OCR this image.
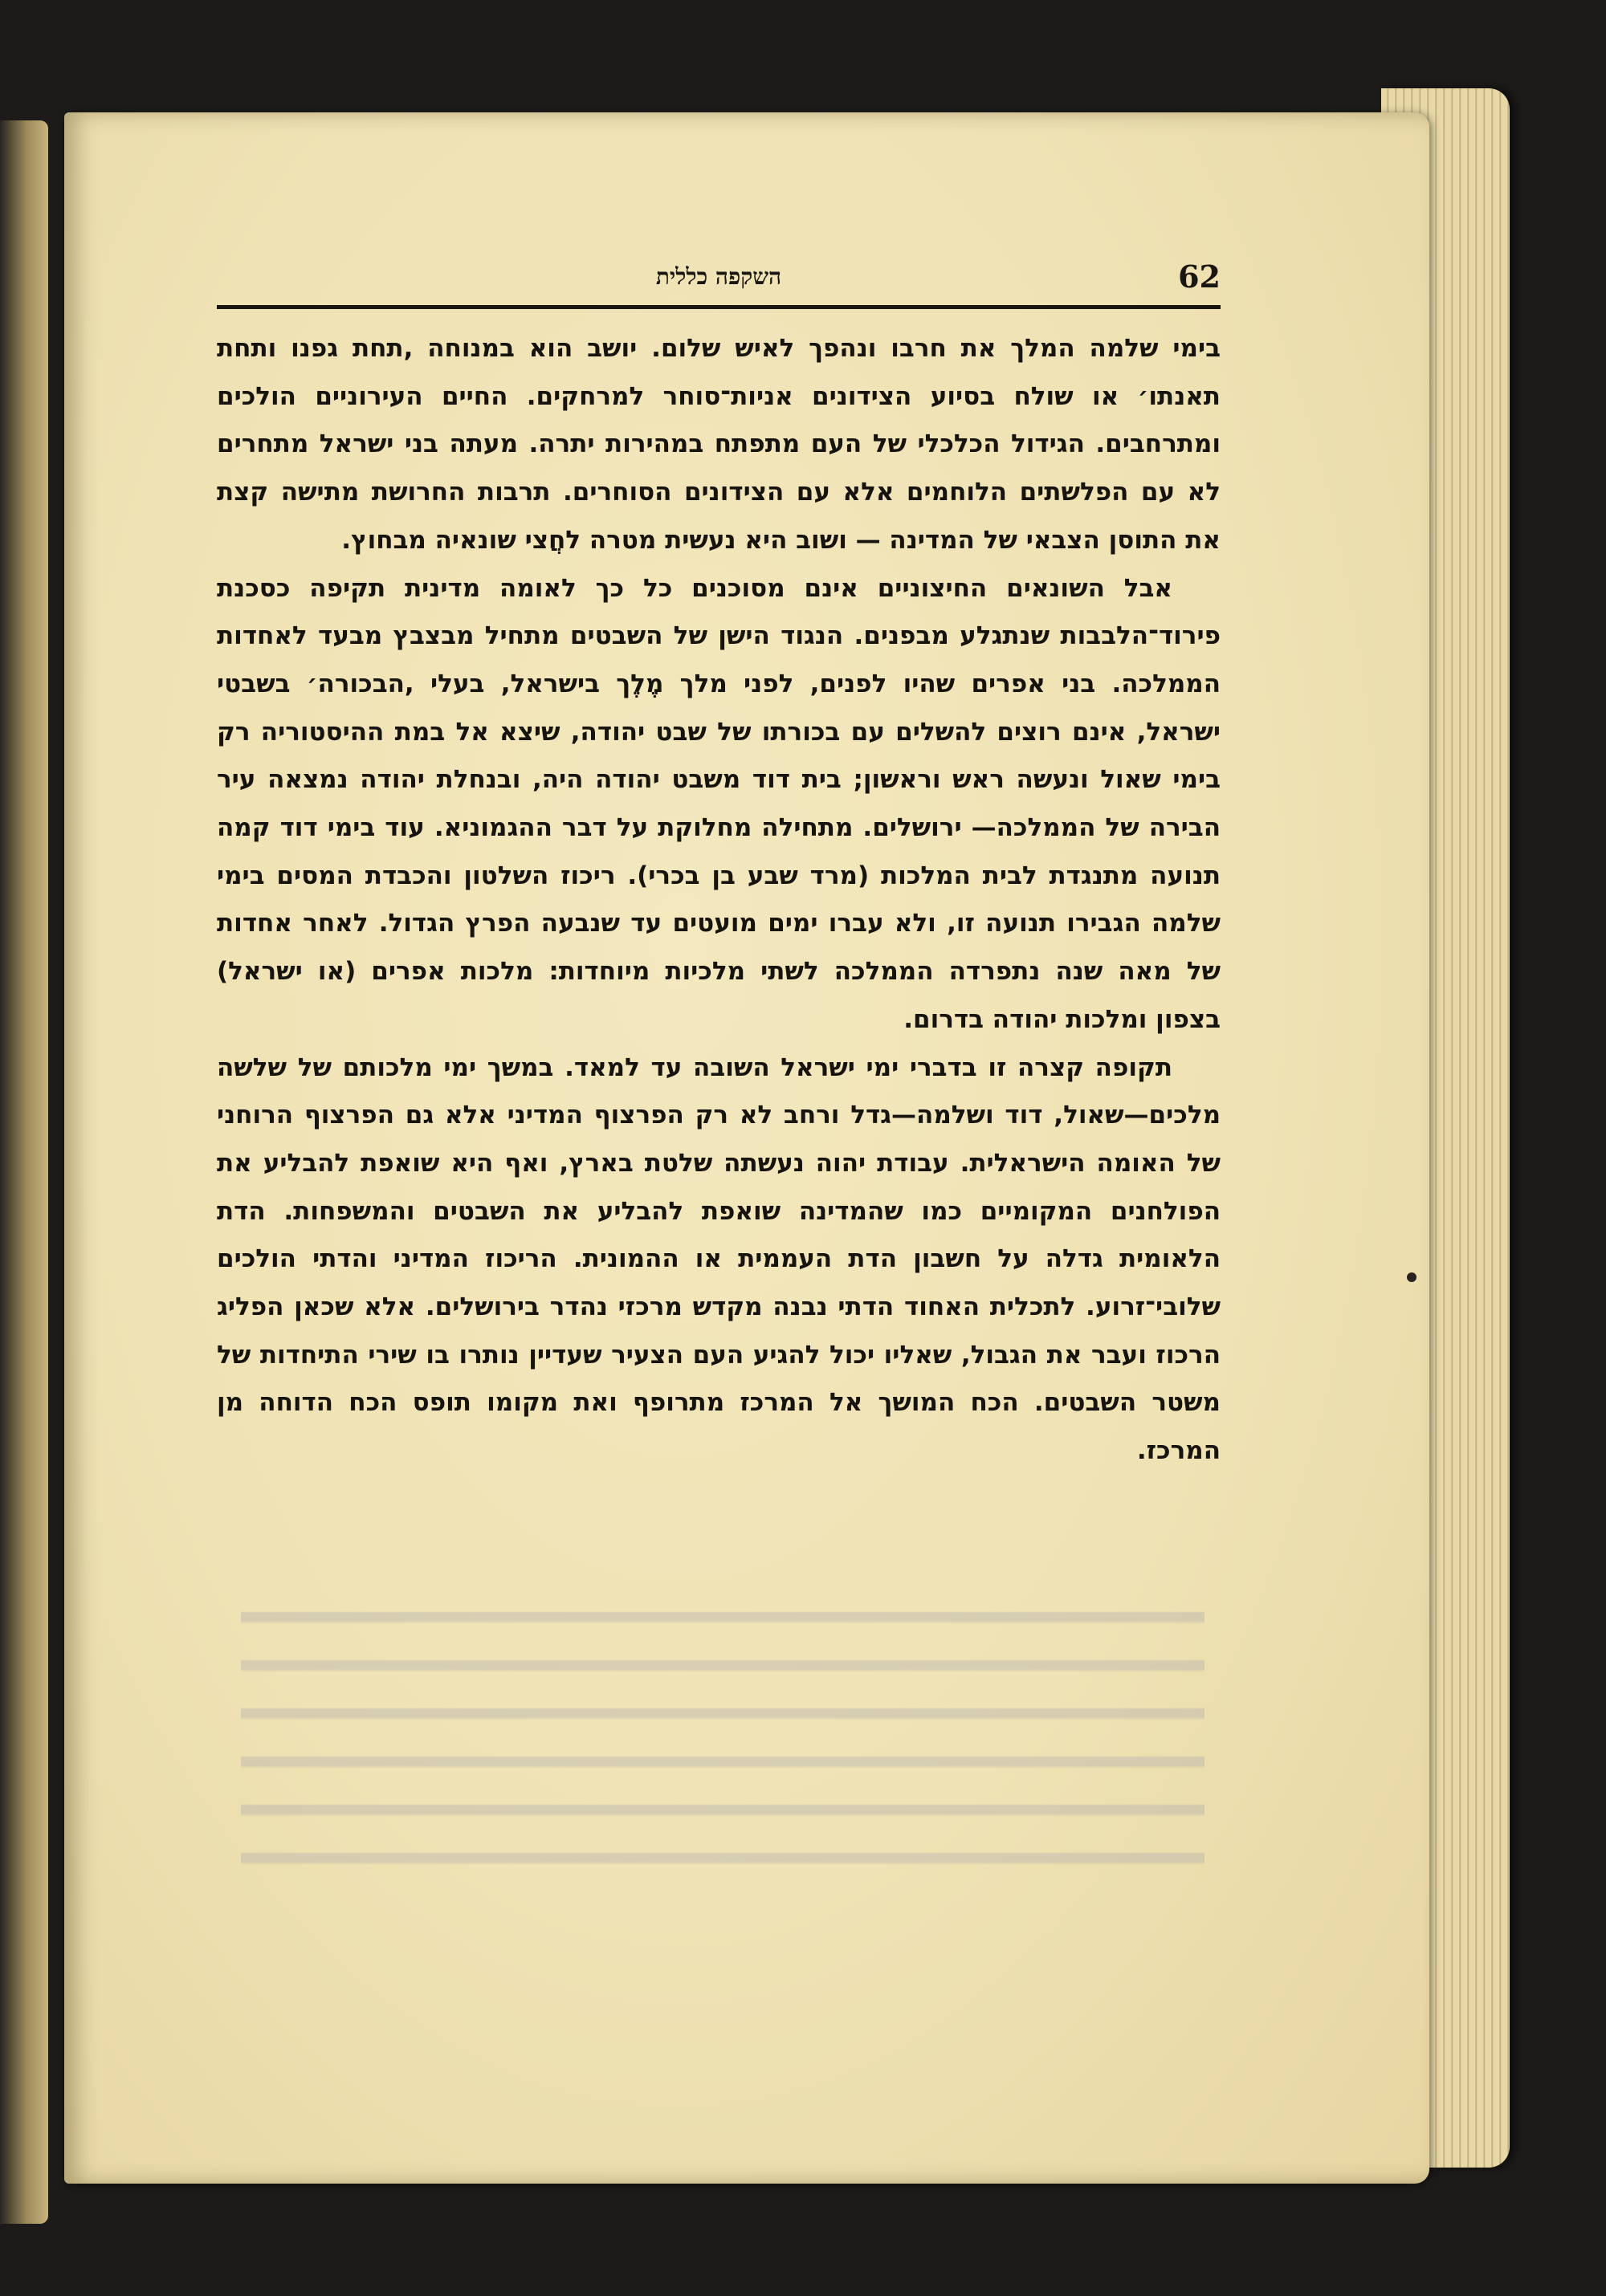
62
השקפה כללית

בימי שלמה המלך את חרבו ונהפך לאיש שלום. יושב הוא במנוחה ,תחת גפנו ותחת תאנתו׳ או שולח בסיוע הצידונים אניות־סוחר למרחקים. החיים העירוניים הולכים ומתרחבים. הגידול הכלכלי של העם מתפתח במהירות יתרה. מעתה בני ישראל מתחרים לא עם הפלשתים הלוחמים אלא עם הצידונים הסוחרים. תרבות החרושת מתישה קצת את התוסן הצבאי של המדינה — ושוב היא נעשית מטרה לחֲצי שונאיה מבחוץ.

אבל השונאים החיצוניים אינם מסוכנים כל כך לאומה מדינית תקיפה כסכנת פירוד־הלבבות שנתגלע מבפנים. הנגוד הישן של השבטים מתחיל מבצבץ מבעד לאחדות הממלכה. בני אפרים שהיו לפנים, לפני מלך מֶלֶך בישראל, בעלי ,הבכורה׳ בשבטי ישראל, אינם רוצים להשלים עם בכורתו של שבט יהודה, שיצא אל במת ההיסטוריה רק בימי שאול ונעשה ראש וראשון; בית דוד משבט יהודה היה, ובנחלת יהודה נמצאה עיר הבירה של הממלכה— ירושלים. מתחילה מחלוקת על דבר ההגמוניא. עוד בימי דוד קמה תנועה מתנגדת לבית המלכות (מרד שבע בן בכרי). ריכוז השלטון והכבדת המסים בימי שלמה הגבירו תנועה זו, ולא עברו ימים מועטים עד שנבעה הפרץ הגדול. לאחר אחדות של מאה שנה נתפרדה הממלכה לשתי מלכיות מיוחדות: מלכות אפרים (או ישראל) בצפון ומלכות יהודה בדרום.

תקופה קצרה זו בדברי ימי ישראל השובה עד למאד. במשך ימי מלכותם של שלשה מלכים—שאול, דוד ושלמה—גדל ורחב לא רק הפרצוף המדיני אלא גם הפרצוף הרוחני של האומה הישראלית. עבודת יהוה נעשתה שלטת בארץ, ואף היא שואפת להבליע את הפולחנים המקומיים כמו שהמדינה שואפת להבליע את השבטים והמשפחות. הדת הלאומית גדלה על חשבון הדת העממית או ההמונית. הריכוז המדיני והדתי הולכים שלובי־זרוע. לתכלית האחוד הדתי נבנה מקדש מרכזי נהדר בירושלים. אלא שכאן הפליג הרכוז ועבר את הגבול, שאליו יכול להגיע העם הצעיר שעדיין נותרו בו שירי התיחדות של משטר השבטים. הכח המושך אל המרכז מתרופף ואת מקומו תופס הכח הדוחה מן המרכז.
